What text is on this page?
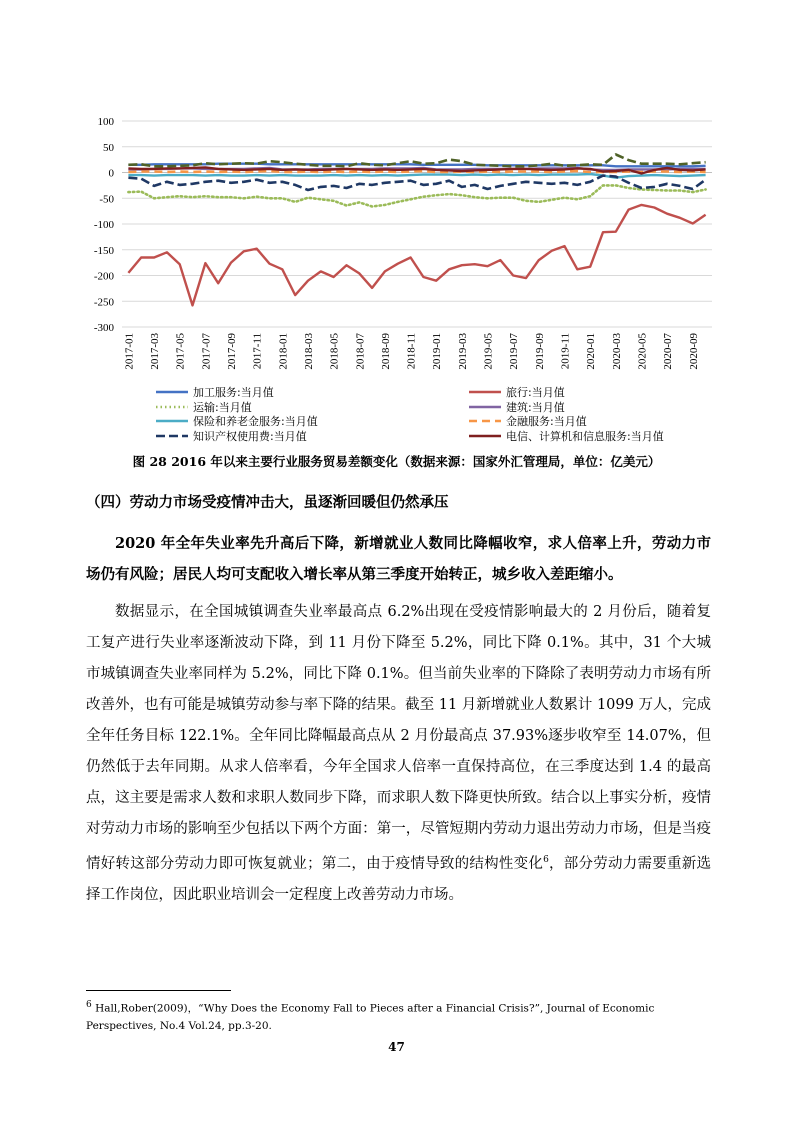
100
50
0
-50
-100
-150
-200
-250
-300
2017-01 2017-03 2017-05 2017-07 2017-09 2017-11 2018-01 2018-03 2018-05 2018-07 2018-09 2018-11 2019-01 2019-03 2019-05 2019-07 2019-09 2019-11 2020-01 2020-03 2020-05 2020-07 2020-09
加工服务:当月值	旅行:当月值
运输:当月值	建筑:当月值
保险和养老金服务:当月值	金融服务:当月值
知识产权使用费:当月值	电信、计算机和信息服务:当月值
图 28 2016 年以来主要行业服务贸易差额变化（数据来源：国家外汇管理局，单位：亿美元）
（四）劳动力市场受疫情冲击大，虽逐渐回暖但仍然承压
2020 年全年失业率先升高后下降，新增就业人数同比降幅收窄，求人倍率上升，劳动力市场仍有风险；居民人均可支配收入增长率从第三季度开始转正，城乡收入差距缩小。
数据显示，在全国城镇调查失业率最高点 6.2%出现在受疫情影响最大的 2 月份后，随着复工复产进行失业率逐渐波动下降，到 11 月份下降至 5.2%，同比下降 0.1%。其中，31 个大城市城镇调查失业率同样为 5.2%，同比下降 0.1%。但当前失业率的下降除了表明劳动力市场有所改善外，也有可能是城镇劳动参与率下降的结果。截至 11 月新增就业人数累计 1099 万人，完成全年任务目标 122.1%。全年同比降幅最高点从 2 月份最高点 37.93%逐步收窄至 14.07%，但仍然低于去年同期。从求人倍率看，今年全国求人倍率一直保持高位，在三季度达到 1.4 的最高点，这主要是需求人数和求职人数同步下降，而求职人数下降更快所致。结合以上事实分析，疫情对劳动力市场的影响至少包括以下两个方面：第一，尽管短期内劳动力退出劳动力市场，但是当疫情好转这部分劳动力即可恢复就业；第二，由于疫情导致的结构性变化$^6$，部分劳动力需要重新选择工作岗位，因此职业培训会一定程度上改善劳动力市场。
$^6$ Hall,Rober(2009)，“Why Does the Economy Fall to Pieces after a Financial Crisis?”, Journal of Economic Perspectives, No.4 Vol.24, pp.3-20.
47
